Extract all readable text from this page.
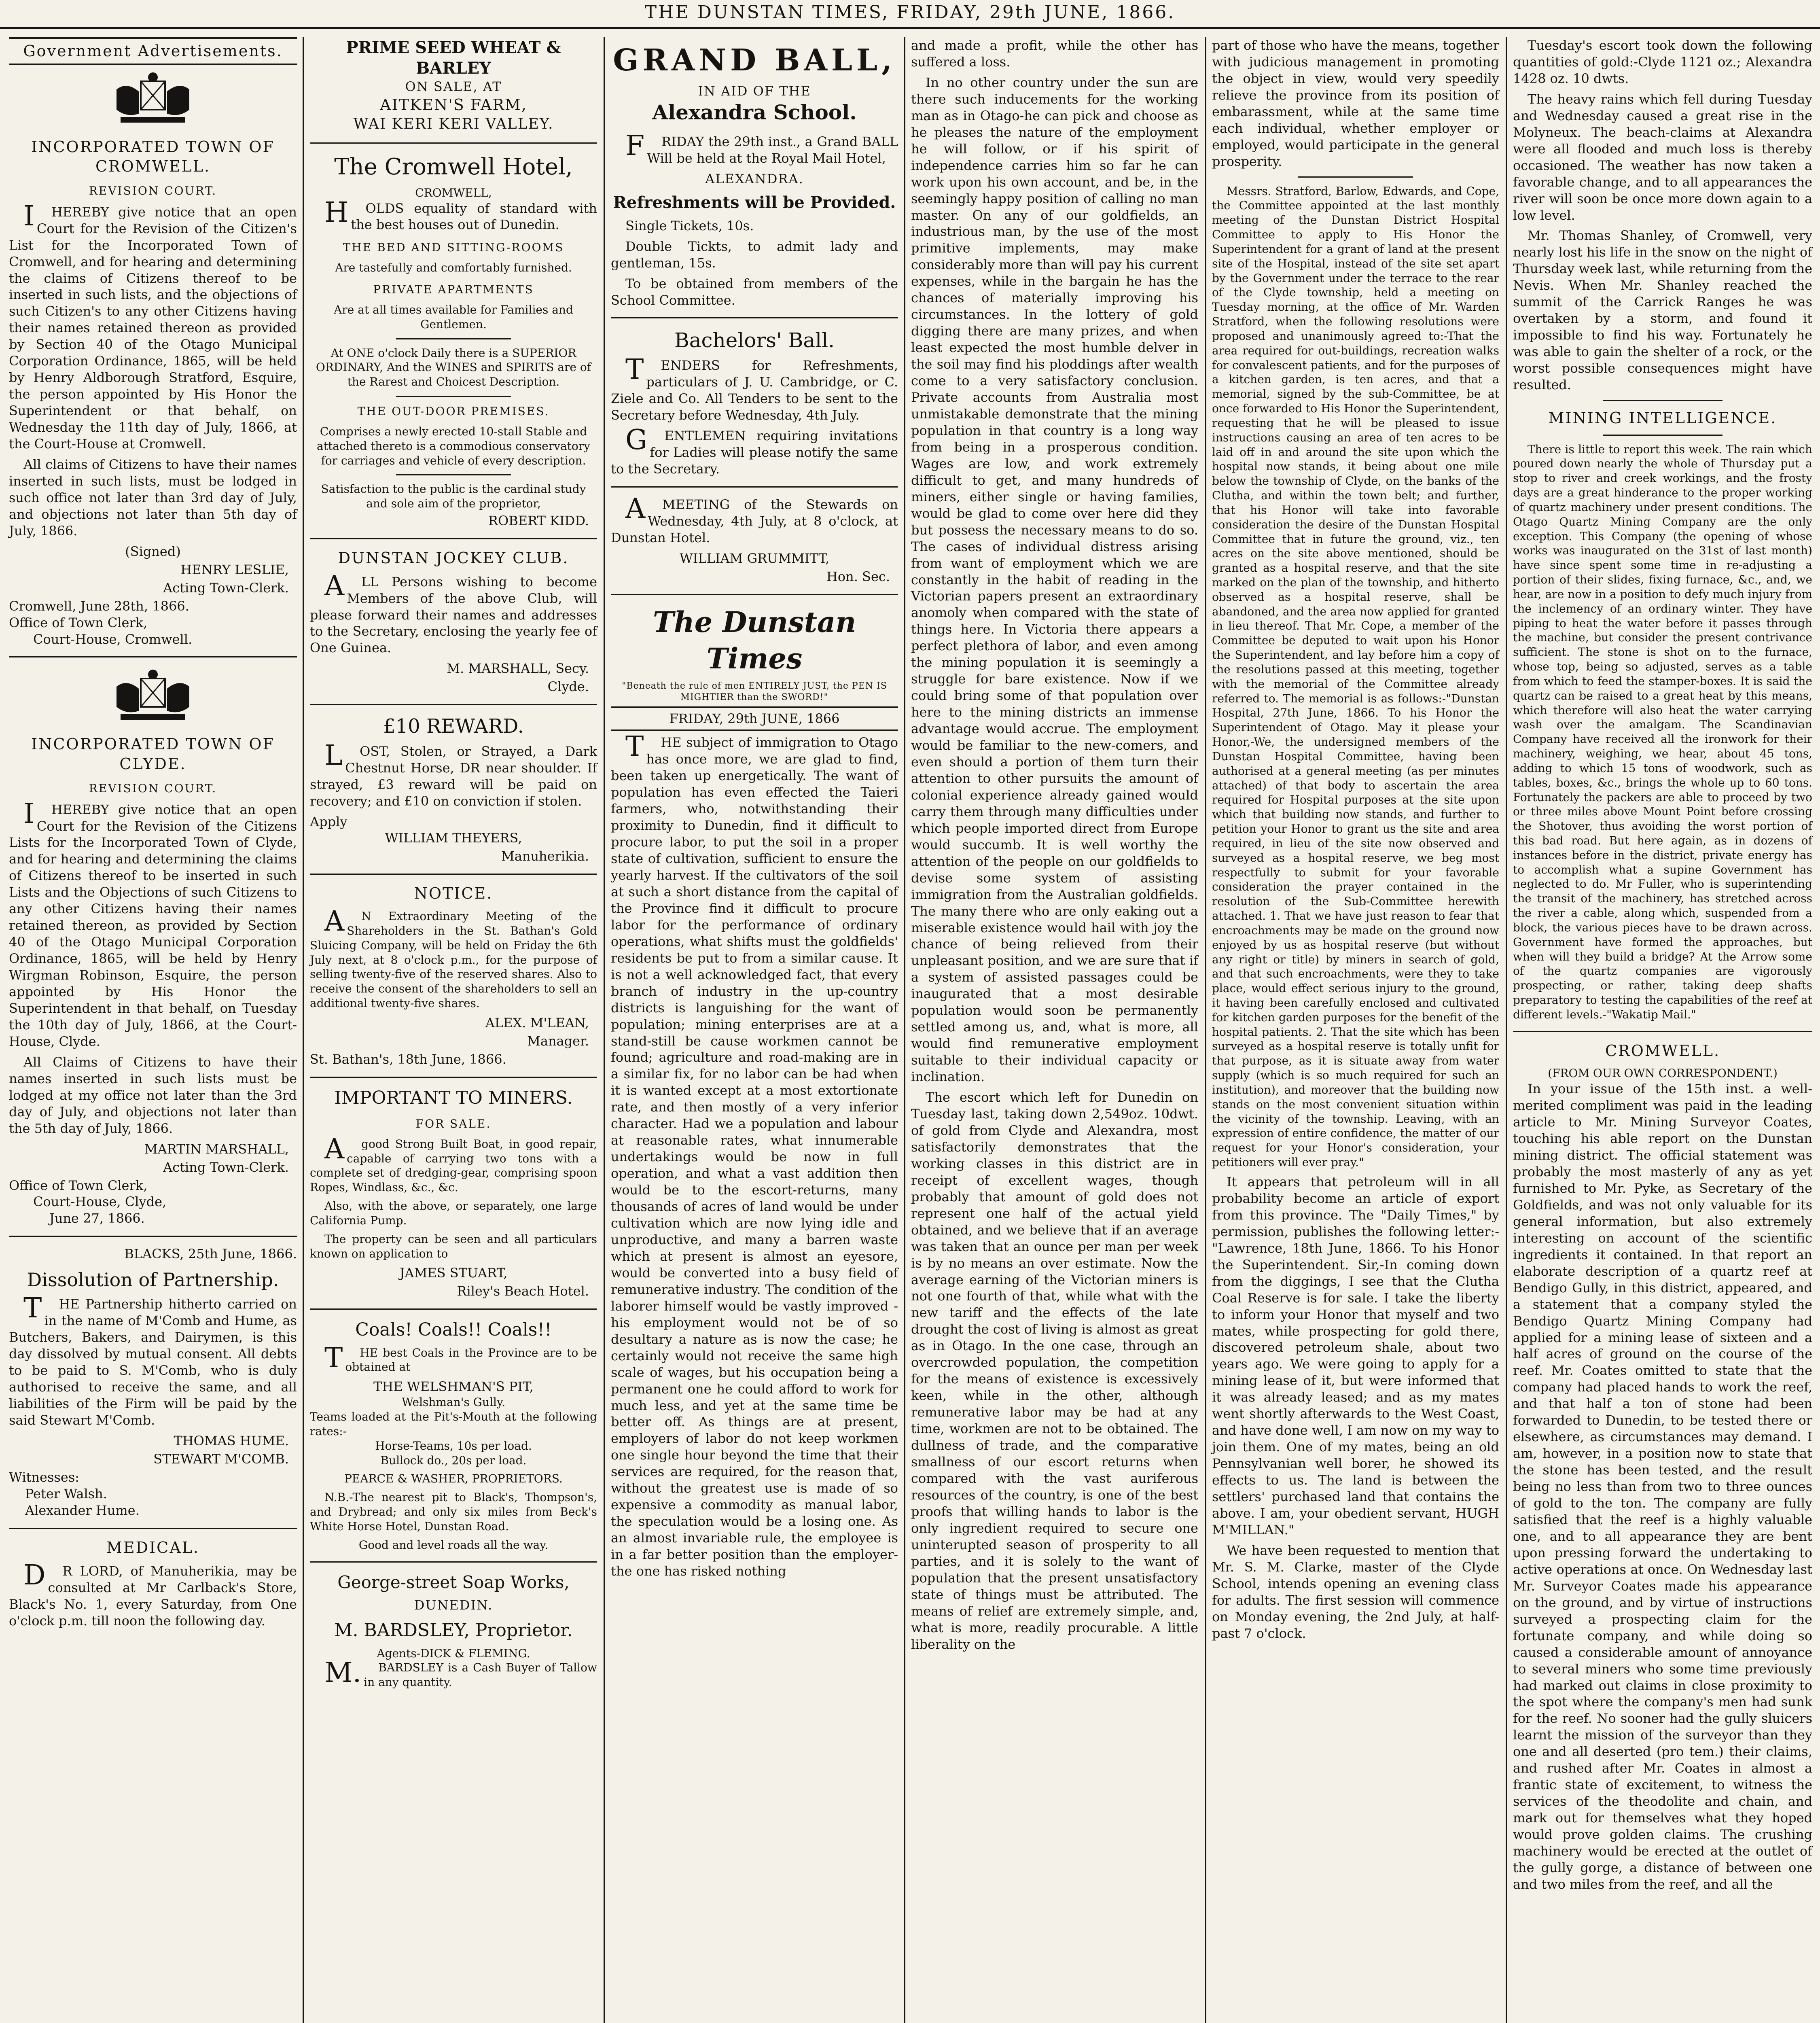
THE DUNSTAN TIMES, FRIDAY, 29th JUNE, 1866.
Government Advertisements.
INCORPORATED TOWN OF CROMWELL.
REVISION COURT.

IHEREBY give notice that an open Court for the Revision of the Citizen's List for the Incorporated Town of Cromwell, and for hearing and determining the claims of Citizens thereof to be inserted in such lists, and the objections of such Citizen's to any other Citizens having their names retained thereon as provided by Section 40 of the Otago Municipal Corporation Ordinance, 1865, will be held by Henry Aldborough Stratford, Esquire, the person appointed by His Honor the Superintendent or that behalf, on Wednesday the 11th day of July, 1866, at the Court-House at Cromwell.

All claims of Citizens to have their names inserted in such lists, must be lodged in such office not later than 3rd day of July, and objections not later than 5th day of July, 1866.

(Signed)
HENRY LESLIE,
Acting Town-Clerk.
Cromwell, June 28th, 1866.
Office of Town Clerk,
Court-House, Cromwell.
INCORPORATED TOWN OF CLYDE.
REVISION COURT.

IHEREBY give notice that an open Court for the Revision of the Citizens Lists for the Incorporated Town of Clyde, and for hearing and determining the claims of Citizens thereof to be inserted in such Lists and the Objections of such Citizens to any other Citizens having their names retained thereon, as provided by Section 40 of the Otago Municipal Corporation Ordinance, 1865, will be held by Henry Wirgman Robinson, Esquire, the person appointed by His Honor the Superintendent in that behalf, on Tuesday the 10th day of July, 1866, at the Court-House, Clyde.

All Claims of Citizens to have their names inserted in such lists must be lodged at my office not later than the 3rd day of July, and objections not later than the 5th day of July, 1866.

MARTIN MARSHALL,
Acting Town-Clerk.
Office of Town Clerk,
Court-House, Clyde,
June 27, 1866.
BLACKS, 25th June, 1866.
Dissolution of Partnership.

THE Partnership hitherto carried on in the name of M'Comb and Hume, as Butchers, Bakers, and Dairymen, is this day dissolved by mutual consent. All debts to be paid to S. M'Comb, who is duly authorised to receive the same, and all liabilities of the Firm will be paid by the said Stewart M'Comb.

THOMAS HUME.
STEWART M'COMB.
Witnesses:
Peter Walsh.
Alexander Hume.
MEDICAL.

DR LORD, of Manuherikia, may be consulted at Mr Carlback's Store, Black's No. 1, every Saturday, from One o'clock p.m. till noon the following day.

PRIME SEED WHEAT & BARLEY
ON SALE, AT
AITKEN'S FARM,
WAI KERI KERI VALLEY.
The Cromwell Hotel,
CROMWELL,

HOLDS equality of standard with the best houses out of Dunedin.

THE BED AND SITTING-ROOMS
Are tastefully and comfortably furnished.
PRIVATE APARTMENTS
Are at all times available for Families and Gentlemen.
At ONE o'clock Daily there is a SUPERIOR ORDINARY, And the WINES and SPIRITS are of the Rarest and Choicest Description.
THE OUT-DOOR PREMISES.
Comprises a newly erected 10-stall Stable and attached thereto is a commodious conservatory for carriages and vehicle of every description.
Satisfaction to the public is the cardinal study and sole aim of the proprietor,
ROBERT KIDD.
DUNSTAN JOCKEY CLUB.

ALL Persons wishing to become Members of the above Club, will please forward their names and addresses to the Secretary, enclosing the yearly fee of One Guinea.

M. MARSHALL, Secy.
Clyde.
£10 REWARD.

LOST, Stolen, or Strayed, a Dark Chestnut Horse, DR near shoulder. If strayed, £3 reward will be paid on recovery; and £10 on conviction if stolen.

Apply
WILLIAM THEYERS,
Manuherikia.
NOTICE.

AN Extraordinary Meeting of the Shareholders in the St. Bathan's Gold Sluicing Company, will be held on Friday the 6th July next, at 8 o'clock p.m., for the purpose of selling twenty-five of the reserved shares. Also to receive the consent of the shareholders to sell an additional twenty-five shares.

ALEX. M'LEAN,
Manager.
St. Bathan's, 18th June, 1866.
IMPORTANT TO MINERS.
FOR SALE.

Agood Strong Built Boat, in good repair, capable of carrying two tons with a complete set of dredging-gear, comprising spoon Ropes, Windlass, &c., &c.

Also, with the above, or separately, one large California Pump.

The property can be seen and all particulars known on application to

JAMES STUART,
Riley's Beach Hotel.
Coals! Coals!! Coals!!

THE best Coals in the Province are to be obtained at

THE WELSHMAN'S PIT,
Welshman's Gully.
Teams loaded at the Pit's-Mouth at the following rates:-
Horse-Teams, 10s per load.
Bullock do., 20s per load.
PEARCE & WASHER, PROPRIETORS.

N.B.-The nearest pit to Black's, Thompson's, and Drybread; and only six miles from Beck's White Horse Hotel, Dunstan Road.

Good and level roads all the way.
George-street Soap Works,
DUNEDIN.
M. BARDSLEY, Proprietor.
Agents-DICK & FLEMING.

M.BARDSLEY is a Cash Buyer of Tallow in any quantity.

GRAND BALL,
IN AID OF THE
Alexandra School.

FRIDAY the 29th inst., a Grand BALL Will be held at the Royal Mail Hotel,

ALEXANDRA.
Refreshments will be Provided.

Single Tickets, 10s.

Double Tickts, to admit lady and gentleman, 15s.

To be obtained from members of the School Committee.

Bachelors' Ball.

TENDERS for Refreshments, particulars of J. U. Cambridge, or C. Ziele and Co. All Tenders to be sent to the Secretary before Wednesday, 4th July.

GENTLEMEN requiring invitations for Ladies will please notify the same to the Secretary.

AMEETING of the Stewards on Wednesday, 4th July, at 8 o'clock, at Dunstan Hotel.

WILLIAM GRUMMITT,
Hon. Sec.
The Dunstan Times
"Beneath the rule of men ENTIRELY JUST, the PEN IS MIGHTIER than the SWORD!"
FRIDAY, 29th JUNE, 1866

THE subject of immigration to Otago has once more, we are glad to find, been taken up energetically. The want of population has even effected the Taieri farmers, who, notwithstanding their proximity to Dunedin, find it difficult to procure labor, to put the soil in a proper state of cultivation, sufficient to ensure the yearly harvest. If the cultivators of the soil at such a short distance from the capital of the Province find it difficult to procure labor for the performance of ordinary operations, what shifts must the goldfields' residents be put to from a similar cause. It is not a well acknowledged fact, that every branch of industry in the up-country districts is languishing for the want of population; mining enterprises are at a stand-still be cause workmen cannot be found; agriculture and road-making are in a similar fix, for no labor can be had when it is wanted except at a most extortionate rate, and then mostly of a very inferior character. Had we a population and labour at reasonable rates, what innumerable undertakings would be now in full operation, and what a vast addition then would be to the escort-returns, many thousands of acres of land would be under cultivation which are now lying idle and unproductive, and many a barren waste which at present is almost an eyesore, would be converted into a busy field of remunerative industry. The condition of the laborer himself would be vastly improved -his employment would not be of so desultary a nature as is now the case; he certainly would not receive the same high scale of wages, but his occupation being a permanent one he could afford to work for much less, and yet at the same time be better off. As things are at present, employers of labor do not keep workmen one single hour beyond the time that their services are required, for the reason that, without the greatest use is made of so expensive a commodity as manual labor, the speculation would be a losing one. As an almost invariable rule, the employee is in a far better position than the employer-the one has risked nothing

and made a profit, while the other has suffered a loss.

In no other country under the sun are there such inducements for the working man as in Otago-he can pick and choose as he pleases the nature of the employment he will follow, or if his spirit of independence carries him so far he can work upon his own account, and be, in the seemingly happy position of calling no man master. On any of our goldfields, an industrious man, by the use of the most primitive implements, may make considerably more than will pay his current expenses, while in the bargain he has the chances of materially improving his circumstances. In the lottery of gold digging there are many prizes, and when least expected the most humble delver in the soil may find his ploddings after wealth come to a very satisfactory conclusion. Private accounts from Australia most unmistakable demonstrate that the mining population in that country is a long way from being in a prosperous condition. Wages are low, and work extremely difficult to get, and many hundreds of miners, either single or having families, would be glad to come over here did they but possess the necessary means to do so. The cases of individual distress arising from want of employment which we are constantly in the habit of reading in the Victorian papers present an extraordinary anomoly when compared with the state of things here. In Victoria there appears a perfect plethora of labor, and even among the mining population it is seemingly a struggle for bare existence. Now if we could bring some of that population over here to the mining districts an immense advantage would accrue. The employment would be familiar to the new-comers, and even should a portion of them turn their attention to other pursuits the amount of colonial experience already gained would carry them through many difficulties under which people imported direct from Europe would succumb. It is well worthy the attention of the people on our goldfields to devise some system of assisting immigration from the Australian goldfields. The many there who are only eaking out a miserable existence would hail with joy the chance of being relieved from their unpleasant position, and we are sure that if a system of assisted passages could be inaugurated that a most desirable population would soon be permanently settled among us, and, what is more, all would find remunerative employment suitable to their individual capacity or inclination.

The escort which left for Dunedin on Tuesday last, taking down 2,549oz. 10dwt. of gold from Clyde and Alexandra, most satisfactorily demonstrates that the working classes in this district are in receipt of excellent wages, though probably that amount of gold does not represent one half of the actual yield obtained, and we believe that if an average was taken that an ounce per man per week is by no means an over estimate. Now the average earning of the Victorian miners is not one fourth of that, while what with the new tariff and the effects of the late drought the cost of living is almost as great as in Otago. In the one case, through an overcrowded population, the competition for the means of existence is excessively keen, while in the other, although remunerative labor may be had at any time, workmen are not to be obtained. The dullness of trade, and the comparative smallness of our escort returns when compared with the vast auriferous resources of the country, is one of the best proofs that willing hands to labor is the only ingredient required to secure one uninterupted season of prosperity to all parties, and it is solely to the want of population that the present unsatisfactory state of things must be attributed. The means of relief are extremely simple, and, what is more, readily procurable. A little liberality on the

part of those who have the means, together with judicious management in promoting the object in view, would very speedily relieve the province from its position of embarassment, while at the same time each individual, whether employer or employed, would participate in the general prosperity.

Messrs. Stratford, Barlow, Edwards, and Cope, the Committee appointed at the last monthly meeting of the Dunstan District Hospital Committee to apply to His Honor the Superintendent for a grant of land at the present site of the Hospital, instead of the site set apart by the Government under the terrace to the rear of the Clyde township, held a meeting on Tuesday morning, at the office of Mr. Warden Stratford, when the following resolutions were proposed and unanimously agreed to:-That the area required for out-buildings, recreation walks for convalescent patients, and for the purposes of a kitchen garden, is ten acres, and that a memorial, signed by the sub-Committee, be at once forwarded to His Honor the Superintendent, requesting that he will be pleased to issue instructions causing an area of ten acres to be laid off in and around the site upon which the hospital now stands, it being about one mile below the township of Clyde, on the banks of the Clutha, and within the town belt; and further, that his Honor will take into favorable consideration the desire of the Dunstan Hospital Committee that in future the ground, viz., ten acres on the site above mentioned, should be granted as a hospital reserve, and that the site marked on the plan of the township, and hitherto observed as a hospital reserve, shall be abandoned, and the area now applied for granted in lieu thereof. That Mr. Cope, a member of the Committee be deputed to wait upon his Honor the Superintendent, and lay before him a copy of the resolutions passed at this meeting, together with the memorial of the Committee already referred to. The memorial is as follows:-"Dunstan Hospital, 27th June, 1866. To his Honor the Superintendent of Otago. May it please your Honor,-We, the undersigned members of the Dunstan Hospital Committee, having been authorised at a general meeting (as per minutes attached) of that body to ascertain the area required for Hospital purposes at the site upon which that building now stands, and further to petition your Honor to grant us the site and area required, in lieu of the site now observed and surveyed as a hospital reserve, we beg most respectfully to submit for your favorable consideration the prayer contained in the resolution of the Sub-Committee herewith attached. 1. That we have just reason to fear that encroachments may be made on the ground now enjoyed by us as hospital reserve (but without any right or title) by miners in search of gold, and that such encroachments, were they to take place, would effect serious injury to the ground, it having been carefully enclosed and cultivated for kitchen garden purposes for the benefit of the hospital patients. 2. That the site which has been surveyed as a hospital reserve is totally unfit for that purpose, as it is situate away from water supply (which is so much required for such an institution), and moreover that the building now stands on the most convenient situation within the vicinity of the township. Leaving, with an expression of entire confidence, the matter of our request for your Honor's consideration, your petitioners will ever pray."

It appears that petroleum will in all probability become an article of export from this province. The "Daily Times," by permission, publishes the following letter:-"Lawrence, 18th June, 1866. To his Honor the Superintendent. Sir,-In coming down from the diggings, I see that the Clutha Coal Reserve is for sale. I take the liberty to inform your Honor that myself and two mates, while prospecting for gold there, discovered petroleum shale, about two years ago. We were going to apply for a mining lease of it, but were informed that it was already leased; and as my mates went shortly afterwards to the West Coast, and have done well, I am now on my way to join them. One of my mates, being an old Pennsylvanian well borer, he showed its effects to us. The land is between the settlers' purchased land that contains the above. I am, your obedient servant, HUGH M'MILLAN."

We have been requested to mention that Mr. S. M. Clarke, master of the Clyde School, intends opening an evening class for adults. The first session will commence on Monday evening, the 2nd July, at half-past 7 o'clock.

Tuesday's escort took down the following quantities of gold:-Clyde 1121 oz.; Alexandra 1428 oz. 10 dwts.

The heavy rains which fell during Tuesday and Wednesday caused a great rise in the Molyneux. The beach-claims at Alexandra were all flooded and much loss is thereby occasioned. The weather has now taken a favorable change, and to all appearances the river will soon be once more down again to a low level.

Mr. Thomas Shanley, of Cromwell, very nearly lost his life in the snow on the night of Thursday week last, while returning from the Nevis. When Mr. Shanley reached the summit of the Carrick Ranges he was overtaken by a storm, and found it impossible to find his way. Fortunately he was able to gain the shelter of a rock, or the worst possible consequences might have resulted.

MINING INTELLIGENCE.

There is little to report this week. The rain which poured down nearly the whole of Thursday put a stop to river and creek workings, and the frosty days are a great hinderance to the proper working of quartz machinery under present conditions. The Otago Quartz Mining Company are the only exception. This Company (the opening of whose works was inaugurated on the 31st of last month) have since spent some time in re-adjusting a portion of their slides, fixing furnace, &c., and, we hear, are now in a position to defy much injury from the inclemency of an ordinary winter. They have piping to heat the water before it passes through the machine, but consider the present contrivance sufficient. The stone is shot on to the furnace, whose top, being so adjusted, serves as a table from which to feed the stamper-boxes. It is said the quartz can be raised to a great heat by this means, which therefore will also heat the water carrying wash over the amalgam. The Scandinavian Company have received all the ironwork for their machinery, weighing, we hear, about 45 tons, adding to which 15 tons of woodwork, such as tables, boxes, &c., brings the whole up to 60 tons. Fortunately the packers are able to proceed by two or three miles above Mount Point before crossing the Shotover, thus avoiding the worst portion of this bad road. But here again, as in dozens of instances before in the district, private energy has to accomplish what a supine Government has neglected to do. Mr Fuller, who is superintending the transit of the machinery, has stretched across the river a cable, along which, suspended from a block, the various pieces have to be drawn across. Government have formed the approaches, but when will they build a bridge? At the Arrow some of the quartz companies are vigorously prospecting, or rather, taking deep shafts preparatory to testing the capabilities of the reef at different levels.-"Wakatip Mail."

CROMWELL.
(FROM OUR OWN CORRESPONDENT.)

In your issue of the 15th inst. a well-merited compliment was paid in the leading article to Mr. Mining Surveyor Coates, touching his able report on the Dunstan mining district. The official statement was probably the most masterly of any as yet furnished to Mr. Pyke, as Secretary of the Goldfields, and was not only valuable for its general information, but also extremely interesting on account of the scientific ingredients it contained. In that report an elaborate description of a quartz reef at Bendigo Gully, in this district, appeared, and a statement that a company styled the Bendigo Quartz Mining Company had applied for a mining lease of sixteen and a half acres of ground on the course of the reef. Mr. Coates omitted to state that the company had placed hands to work the reef, and that half a ton of stone had been forwarded to Dunedin, to be tested there or elsewhere, as circumstances may demand. I am, however, in a position now to state that the stone has been tested, and the result being no less than from two to three ounces of gold to the ton. The company are fully satisfied that the reef is a highly valuable one, and to all appearance they are bent upon pressing forward the undertaking to active operations at once. On Wednesday last Mr. Surveyor Coates made his appearance on the ground, and by virtue of instructions surveyed a prospecting claim for the fortunate company, and while doing so caused a considerable amount of annoyance to several miners who some time previously had marked out claims in close proximity to the spot where the company's men had sunk for the reef. No sooner had the gully sluicers learnt the mission of the surveyor than they one and all deserted (pro tem.) their claims, and rushed after Mr. Coates in almost a frantic state of excitement, to witness the services of the theodolite and chain, and mark out for themselves what they hoped would prove golden claims. The crushing machinery would be erected at the outlet of the gully gorge, a distance of between one and two miles from the reef, and all the
